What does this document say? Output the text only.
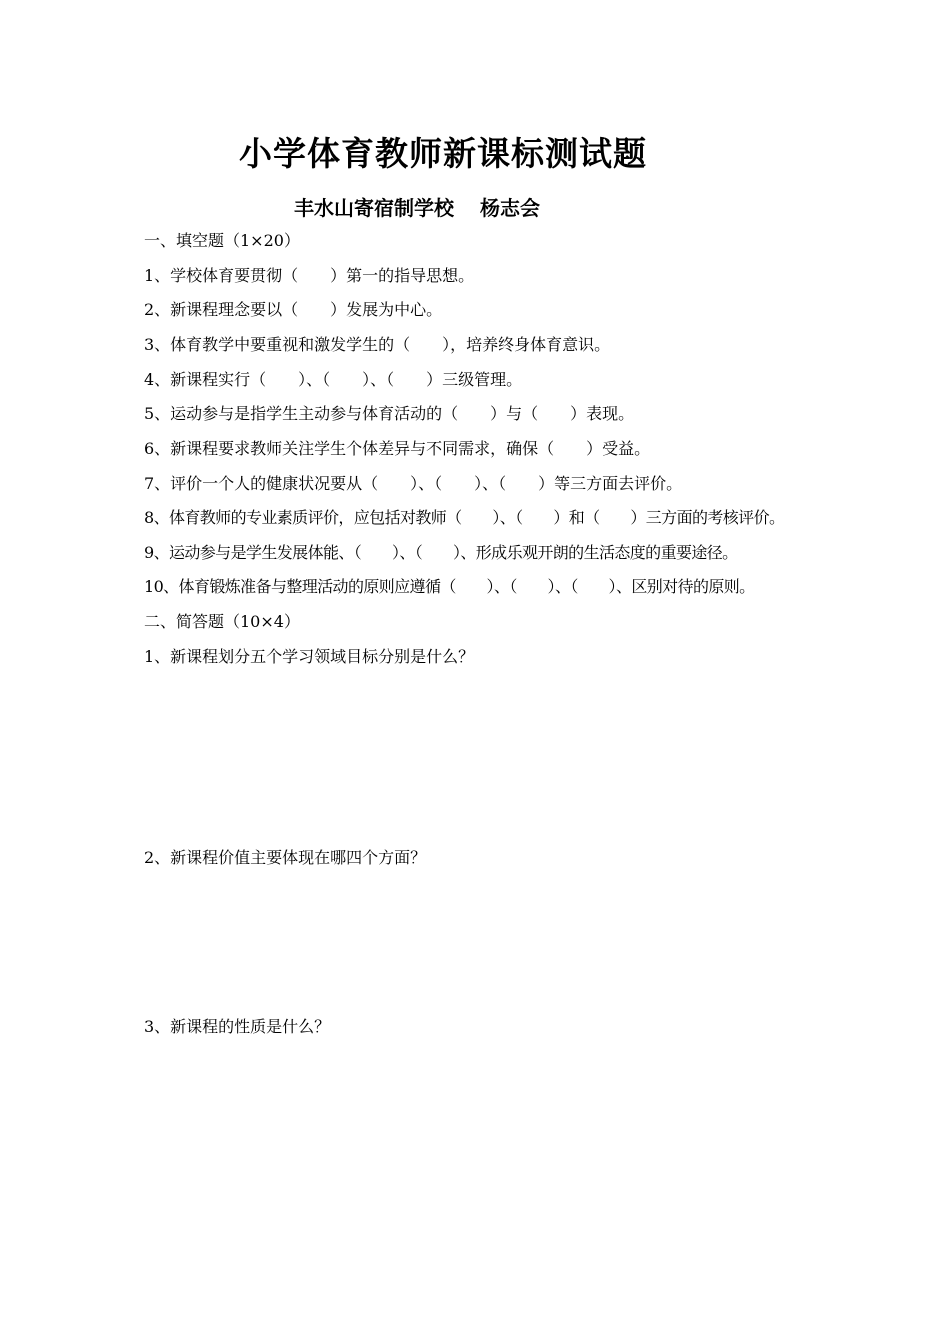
小学体育教师新课标测试题
丰水山寄宿制学校 杨志会
一、填空题（1×20）
1、学校体育要贯彻（　　）第一的指导思想。
2、新课程理念要以（　　）发展为中心。
3、体育教学中要重视和激发学生的（　　），培养终身体育意识。
4、新课程实行（　　）、（　　）、（　　）三级管理。
5、运动参与是指学生主动参与体育活动的（　　）与（　　）表现。
6、新课程要求教师关注学生个体差异与不同需求，确保（　　）受益。
7、评价一个人的健康状况要从（　　）、（　　）、（　　）等三方面去评价。
8、体育教师的专业素质评价，应包括对教师（　　）、（　　）和（　　）三方面的考核评价。
9、运动参与是学生发展体能、（　　）、（　　）、形成乐观开朗的生活态度的重要途径。
10、体育锻炼准备与整理活动的原则应遵循（　　）、（　　）、（　　）、区别对待的原则。
二、简答题（10×4）
1、新课程划分五个学习领域目标分别是什么？
2、新课程价值主要体现在哪四个方面？
3、新课程的性质是什么？
